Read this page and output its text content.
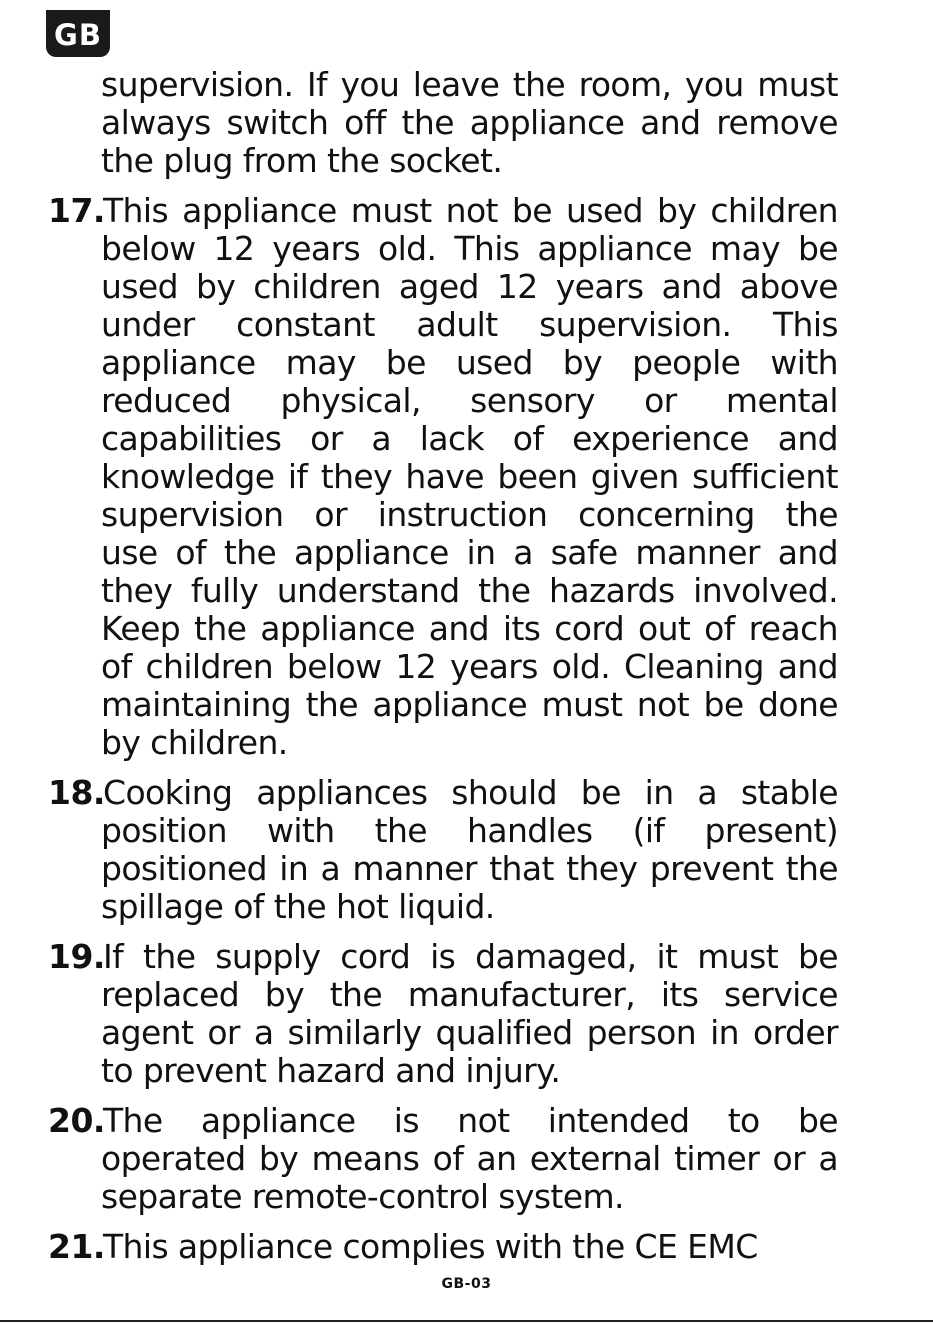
GB
supervision. If you leave the room, you must
always switch off the appliance and remove
the plug from the socket.
17.
This appliance must not be used by children
below 12 years old. This appliance may be
used by children aged 12 years and above
under constant adult supervision. This
appliance may be used by people with
reduced physical, sensory or mental
capabilities or a lack of experience and
knowledge if they have been given sufficient
supervision or instruction concerning the
use of the appliance in a safe manner and
they fully understand the hazards involved.
Keep the appliance and its cord out of reach
of children below 12 years old. Cleaning and
maintaining the appliance must not be done
by children.
18.
Cooking appliances should be in a stable
position with the handles (if present)
positioned in a manner that they prevent the
spillage of the hot liquid.
19.
If the supply cord is damaged, it must be
replaced by the manufacturer, its service
agent or a similarly qualified person in order
to prevent hazard and injury.
20.
The appliance is not intended to be
operated by means of an external timer or a
separate remote-control system.
21.
This appliance complies with the CE EMC
GB-03
